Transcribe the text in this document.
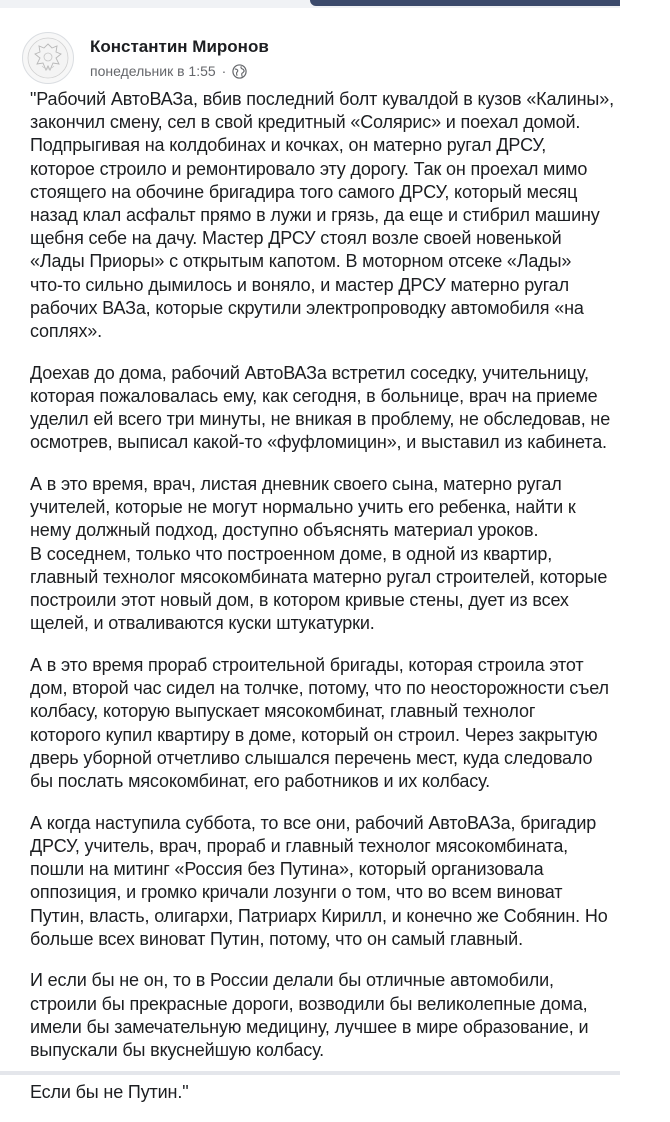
Константин Миронов
понедельник в 1:55 ·
"Рабочий АвтоВАЗа, вбив последний болт кувалдой в кузов «Калины»,
закончил смену, сел в свой кредитный «Солярис» и поехал домой.
Подпрыгивая на колдобинах и кочках, он матерно ругал ДРСУ,
которое строило и ремонтировало эту дорогу. Так он проехал мимо
стоящего на обочине бригадира того самого ДРСУ, который месяц
назад клал асфальт прямо в лужи и грязь, да еще и стибрил машину
щебня себе на дачу. Мастер ДРСУ стоял возле своей новенькой
«Лады Приоры» с открытым капотом. В моторном отсеке «Лады»
что-то сильно дымилось и воняло, и мастер ДРСУ матерно ругал
рабочих ВАЗа, которые скрутили электропроводку автомобиля «на
соплях».
Доехав до дома, рабочий АвтоВАЗа встретил соседку, учительницу,
которая пожаловалась ему, как сегодня, в больнице, врач на приеме
уделил ей всего три минуты, не вникая в проблему, не обследовав, не
осмотрев, выписал какой-то «фуфломицин», и выставил из кабинета.
А в это время, врач, листая дневник своего сына, матерно ругал
учителей, которые не могут нормально учить его ребенка, найти к
нему должный подход, доступно объяснять материал уроков.
В соседнем, только что построенном доме, в одной из квартир,
главный технолог мясокомбината матерно ругал строителей, которые
построили этот новый дом, в котором кривые стены, дует из всех
щелей, и отваливаются куски штукатурки.
А в это время прораб строительной бригады, которая строила этот
дом, второй час сидел на толчке, потому, что по неосторожности съел
колбасу, которую выпускает мясокомбинат, главный технолог
которого купил квартиру в доме, который он строил. Через закрытую
дверь уборной отчетливо слышался перечень мест, куда следовало
бы послать мясокомбинат, его работников и их колбасу.
А когда наступила суббота, то все они, рабочий АвтоВАЗа, бригадир
ДРСУ, учитель, врач, прораб и главный технолог мясокомбината,
пошли на митинг «Россия без Путина», который организовала
оппозиция, и громко кричали лозунги о том, что во всем виноват
Путин, власть, олигархи, Патриарх Кирилл, и конечно же Собянин. Но
больше всех виноват Путин, потому, что он самый главный.
И если бы не он, то в России делали бы отличные автомобили,
строили бы прекрасные дороги, возводили бы великолепные дома,
имели бы замечательную медицину, лучшее в мире образование, и
выпускали бы вкуснейшую колбасу.
Если бы не Путин."
